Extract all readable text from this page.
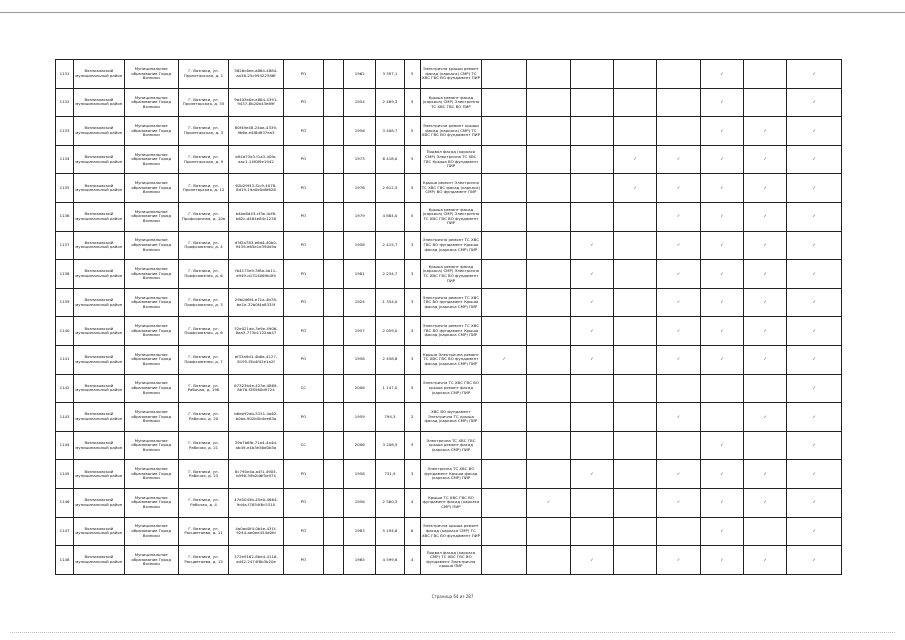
1131	Вязниковский муниципальный район	Муниципальное образование Город Вязники	Г. Вязники, ул. Пролетарская, д. 1	5826c6ee-a864-4884-aa36-25c99422586f	РО		1962	3 397,1	5	Электрична крыши ремонт фасад (каркаса) СМР) ТС ХВС ГВС ВО фундамент ПИР						✓		✓
1132	Вязниковский муниципальный район	Муниципальное образование Город Вязники	Г. Вязники, ул. Пролетарская, д. 55	9a403e0e-a884-4391-9437-8b20b43e69f	РО		1954	2 469,3	5	Крыша ремонт фасад (каркаса) СМР) Электрична ТС ХВС ГВС ВО ПИР						✓		✓
1133	Вязниковский муниципальный район	Муниципальное образование Город Вязники	Г. Вязники, ул. Пролетарская, д. 3	80f49e48-24aa-4339-9b6e-e4f8d837ea3	РО		1956	3 408,7	5	Электрична ремонт крыши фасад (каркаса) СМР) ТС ХВС ГВС ВО фундамент ПИР						✓	✓	✓
1134	Вязниковский муниципальный район	Муниципальное образование Город Вязники	Г. Вязники, ул. Пролетарская, д. 9	b94d73e3-f1a3-40fa-aac1-14f0f9e1942	РО		1973	6 418,0	5	Подвал фасад (каркаса СМР) Электрична ТС ХВС ГВС Крыша ВО фундамент ПИР				✓	✓	✓	✓	✓
1135	Вязниковский муниципальный район	Муниципальное образование Город Вязники	Г. Вязники, ул. Пролетарская, д. 12	62b29f43-f1c9-4078-8d19-19a0e0d8f626	РО		1976	2 612,5	5	Крыша ремонт Электрична ТС ХВС ГВС фасад (каркаса) СМР) ВО фундамент ПИР				✓	✓	✓	✓	✓
1136	Вязниковский муниципальный район	Муниципальное образование Город Вязники	Г. Вязники, ул. Профсоюзная, д. 10а	b4be8d43-cf3e-4cf8-b62c-d484e84c1238	РО		1979	4 884,0	5	Крыша ремонт фасад (каркаса) СМР) Электрична ТС ХВС ГВС ВО фундамент ПИР					✓	✓	✓	✓
1137	Вязниковский муниципальный район	Муниципальное образование Город Вязники	Г. Вязники, ул. Профсоюзная, д. 4	d3f2a783-e6d4-40b0-9439-e65e1e390d5a	РО		1958	2 415,7	3	Электрична ремонт ТС ХВС ГВС ВО фундамент Крыша фасад (каркаса СМР) ПИР			✓		✓	✓	✓	✓
1138	Вязниковский муниципальный район	Муниципальное образование Город Вязники	Г. Вязники, ул. Профсоюзная, д. 6	fb4175e9-3f8a-4b11-a949-d1314069b4f4	РО		1981	2 234,7	3	Крыша ремонт фасад (каркаса) СМР) Электрична ТС ХВС ГВС ВО фундамент ПИР			✓		✓	✓	✓	✓
1139	Вязниковский муниципальный район	Муниципальное образование Город Вязники	Г. Вязники, ул. Профсоюзная, д. 3	29b0d6f4-e71a-4b78-be1e-32b0f4a8335f	РО		1924	1 354,0	3	Электрична ремонт ТС ХВС ГВС ВО фундамент Крыша фасад (каркаса СМР) ПИР			✓		✓	✓	✓	✓
1140	Вязниковский муниципальный район	Муниципальное образование Город Вязники	Г. Вязники, ул. Профсоюзная, д. 6	52e021ab-3e9e-4906-8aa3-773b1122ab47	РО		1957	2 059,0	3	Электрична ремонт ТС ХВС ГВС ВО фундамент Крыша фасад (каркаса СМР) ПИР			✓		✓	✓	✓	✓
1141	Вязниковский муниципальный район	Муниципальное образование Город Вязники	Г. Вязники, ул. Профсоюзная, д. 7	bf33a9d1-4b6a-4127-8195-f5b4f42e1a2f	РО		1958	2 458,8	3	Крыша Электрична ремонт ТС ХВС ГВС ВО фундамент фасад (каркаса СМР) ПИР	✓		✓		✓	✓	✓	✓
1142	Вязниковский муниципальный район	Муниципальное образование Город Вязники	Г. Вязники, ул. Рабочая, д. 19Б	67323b4e-423e-4869-8b76-f38560d9724	СС		2006	1 147,0	5	Электрична ТС ХВС ГВС ВО крыша ремонт фасад (каркаса СМР) ПИР								✓
1143	Вязниковский муниципальный район	Муниципальное образование Город Вязники	Г. Вязники, ул. Рабочая, д. 20	b6eb92ab-5151-4a62-b0ba-902b5b4ee63a	РО		1959	794,3	2	ХВС ВО фундамент Электрична ТС крыша фасад (каркаса СМР) ПИР					✓		✓	✓
1144	Вязниковский муниципальный район	Муниципальное образование Город Вязники	Г. Вязники, ул. Рабочая, д. 21	39a7b6fb-71a4-4a4d-ab49-e4b3e56d0b5a	СС		2006	3 208,5	5	Электрична ТС ХВС ГВС крыша ремонт фасад (каркаса СМР) ПИР						✓		✓
1145	Вязниковский муниципальный район	Муниципальное образование Город Вязники	Г. Вязники, ул. Рабочая, д. 23	8c790e4a-a4f1-4905-b996-39b2d6f5e974	РО		1958	731,9	3	Электрична ТС ХВС ВО фундамент Крыша фасад (каркаса СМР) ПИР			✓		✓	✓	✓	✓
1146	Вязниковский муниципальный район	Муниципальное образование Город Вязники	Г. Вязники, ул. Рабочая, д. 4	47d5045b-45e0-4664-9d4a-f7654f6c5310	РО		1956	2 560,5	4	Крыша ТС ХВС ГВС ВО фундамент фасад (каркаса СМР) ПИР		✓			✓	✓	✓	✓
1147	Вязниковский муниципальный район	Муниципальное образование Город Вязники	Г. Вязники, ул. Расцветаева, д. 11	4a0ad0f4-0b4e-431f-9244-ae0ee454d0fd	РО		1983	5 194,6	6	Электрична крыша ремонт фасад (каркаса СМР) ТС ХВС ГВС ВО фундамент ПИР						✓		✓
1148	Вязниковский муниципальный район	Муниципальное образование Город Вязники	Г. Вязники, ул. Расцветаева, д. 15	372e9162-8be4-4116-ad42-2474f8b3b20e	РО		1965	4 599,8	4	Подвал фасад (каркаса СМР) ТС ХВС ГВС ВО фундамент Электрична крыша ПИР			✓		✓	✓	✓	✓
Страница 64 из 287
